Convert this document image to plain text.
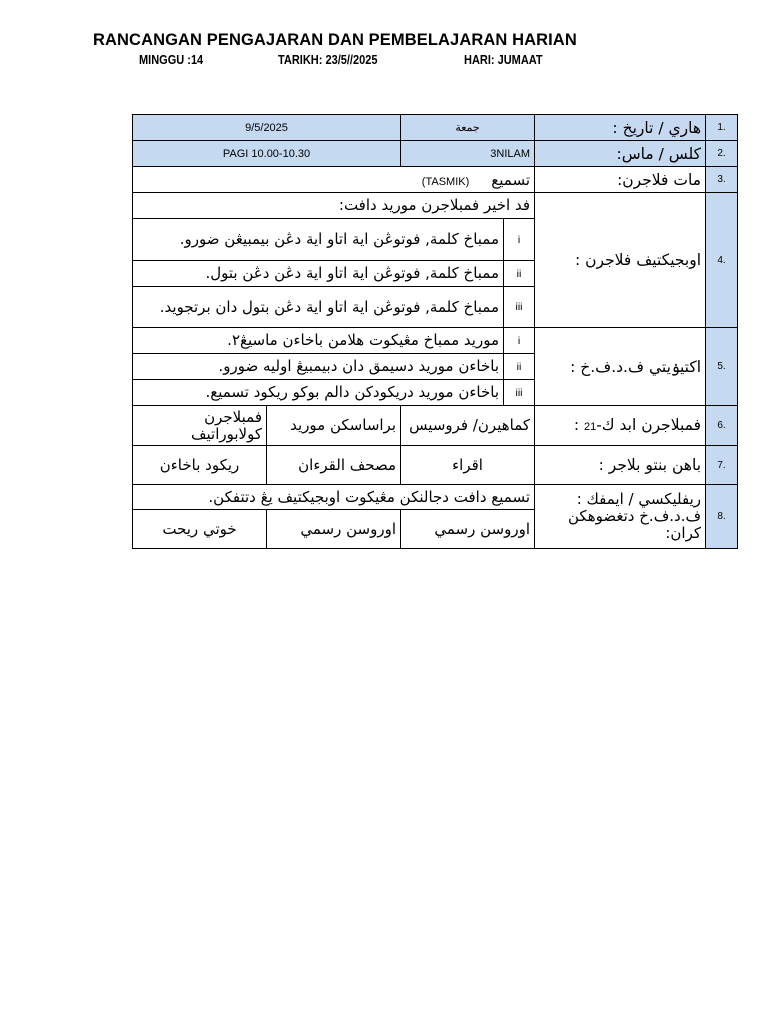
RANCANGAN PENGAJARAN DAN PEMBELAJARAN HARIAN
MINGGU :14	TARIKH: 23/5//2025	HARI: JUMAAT
9/5/2025		جمعة		هاري / تاريخ :	1.
PAGI 10.00-10.30		3NILAM		كلس / ماس:	2.
تسميع(TASMIK)				مات فلاجرن:	3.
فد اخير فمبلاجرن موريد دافت:				اوبجيكتيف فلاجرن :	4.
ممباخ كلمة, فوتوڠن اية اتاو اية دڠن بيمبيڠن ضورو.			i		
ممباخ كلمة, فوتوڠن اية اتاو اية دڠن دڠن بتول.			ii		
ممباخ كلمة, فوتوڠن اية اتاو اية دڠن بتول دان برتجويد.			iii		
موريد ممباخ مڠيكوت هلامن باخاءن ماسيڠ٢.			i	اكتيۏيتي ف.د.ف.خ :	5.
باخاءن موريد دسيمق دان دبيمبيڠ اوليه ضورو.			ii		
باخاءن موريد دريكودكن دالم بوكو ريكود تسميع.			iii		
فمبلاجرن كولابوراتيف	براساسكن موريد	كماهيرن/ فروسيس		فمبلاجرن ابد ك-21 :	6.
ريكود باخاءن	مصحف القرءان	اقراء		باهن بنتو بلاجر :	7.
تسميع دافت دجالنكن مڠيكوت اوبجيكتيف يڠ دتتفكن.				ريفليكسي / ايمفك : ف.د.ف.خ دتغضوهكن كران:	8.
خوتي ريحت	اوروسن رسمي	اوروسن رسمي			
